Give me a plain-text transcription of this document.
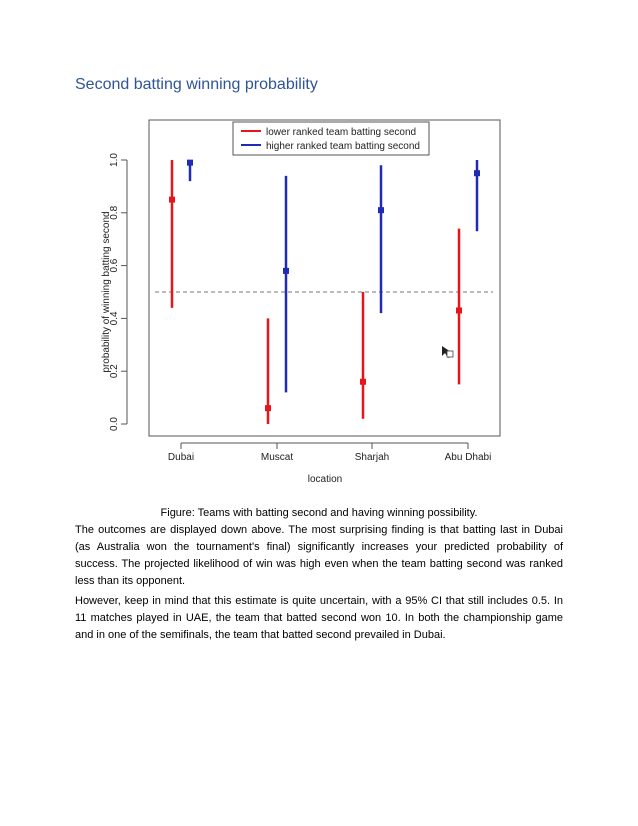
Second batting winning probability
0.0
0.2
0.4
0.6
0.8
1.0
Dubai	Muscat	Sharjah	Abu Dhabi
lower ranked team batting second
higher ranked team batting second
probability of winning batting second
location
Figure: Teams with batting second and having winning possibility.

The outcomes are displayed down above. The most surprising finding is that batting last in Dubai (as Australia won the tournament's final) significantly increases your predicted probability of success. The projected likelihood of win was high even when the team batting second was ranked less than its opponent.

However, keep in mind that this estimate is quite uncertain, with a 95% CI that still includes 0.5. In 11 matches played in UAE, the team that batted second won 10. In both the championship game and in one of the semifinals, the team that batted second prevailed in Dubai.
